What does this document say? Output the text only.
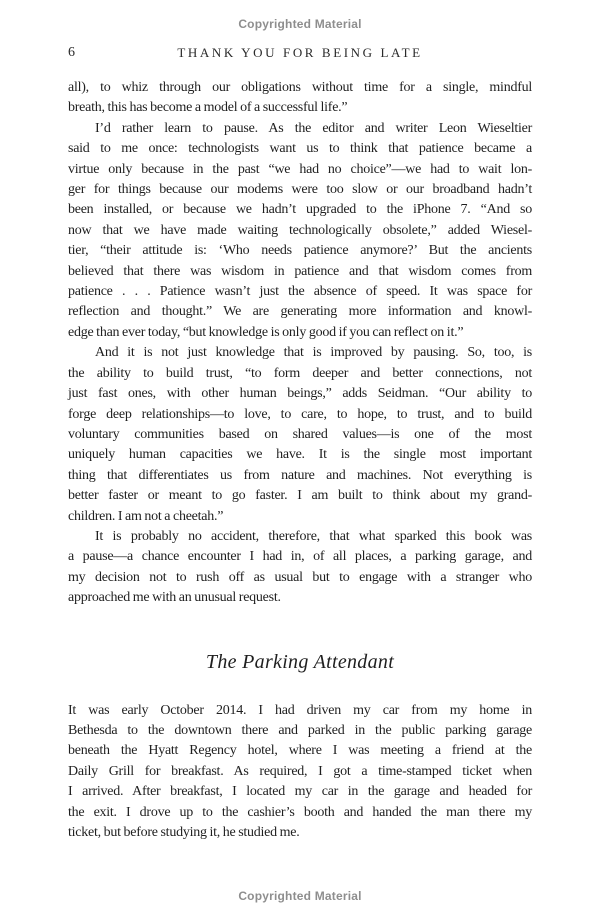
Copyrighted Material
6	THANK YOU FOR BEING LATE
all), to whiz through our obligations without time for a single, mindful
breath, this has become a model of a successful life.”
I’d rather learn to pause. As the editor and writer Leon Wieseltier
said to me once: technologists want us to think that patience became a
virtue only because in the past “we had no choice”—we had to wait lon-
ger for things because our modems were too slow or our broadband hadn’t
been installed, or because we hadn’t upgraded to the iPhone 7. “And so
now that we have made waiting technologically obsolete,” added Wiesel-
tier, “their attitude is: ‘Who needs patience anymore?’ But the ancients
believed that there was wisdom in patience and that wisdom comes from
patience . . . Patience wasn’t just the absence of speed. It was space for
reflection and thought.” We are generating more information and knowl-
edge than ever today, “but knowledge is only good if you can reflect on it.”
And it is not just knowledge that is improved by pausing. So, too, is
the ability to build trust, “to form deeper and better connections, not
just fast ones, with other human beings,” adds Seidman. “Our ability to
forge deep relationships—to love, to care, to hope, to trust, and to build
voluntary communities based on shared values—is one of the most
uniquely human capacities we have. It is the single most important
thing that differentiates us from nature and machines. Not everything is
better faster or meant to go faster. I am built to think about my grand-
children. I am not a cheetah.”
It is probably no accident, therefore, that what sparked this book was
a pause—a chance encounter I had in, of all places, a parking garage, and
my decision not to rush off as usual but to engage with a stranger who
approached me with an unusual request.
The Parking Attendant
It was early October 2014. I had driven my car from my home in
Bethesda to the downtown there and parked in the public parking garage
beneath the Hyatt Regency hotel, where I was meeting a friend at the
Daily Grill for breakfast. As required, I got a time-stamped ticket when
I arrived. After breakfast, I located my car in the garage and headed for
the exit. I drove up to the cashier’s booth and handed the man there my
ticket, but before studying it, he studied me.
Copyrighted Material
